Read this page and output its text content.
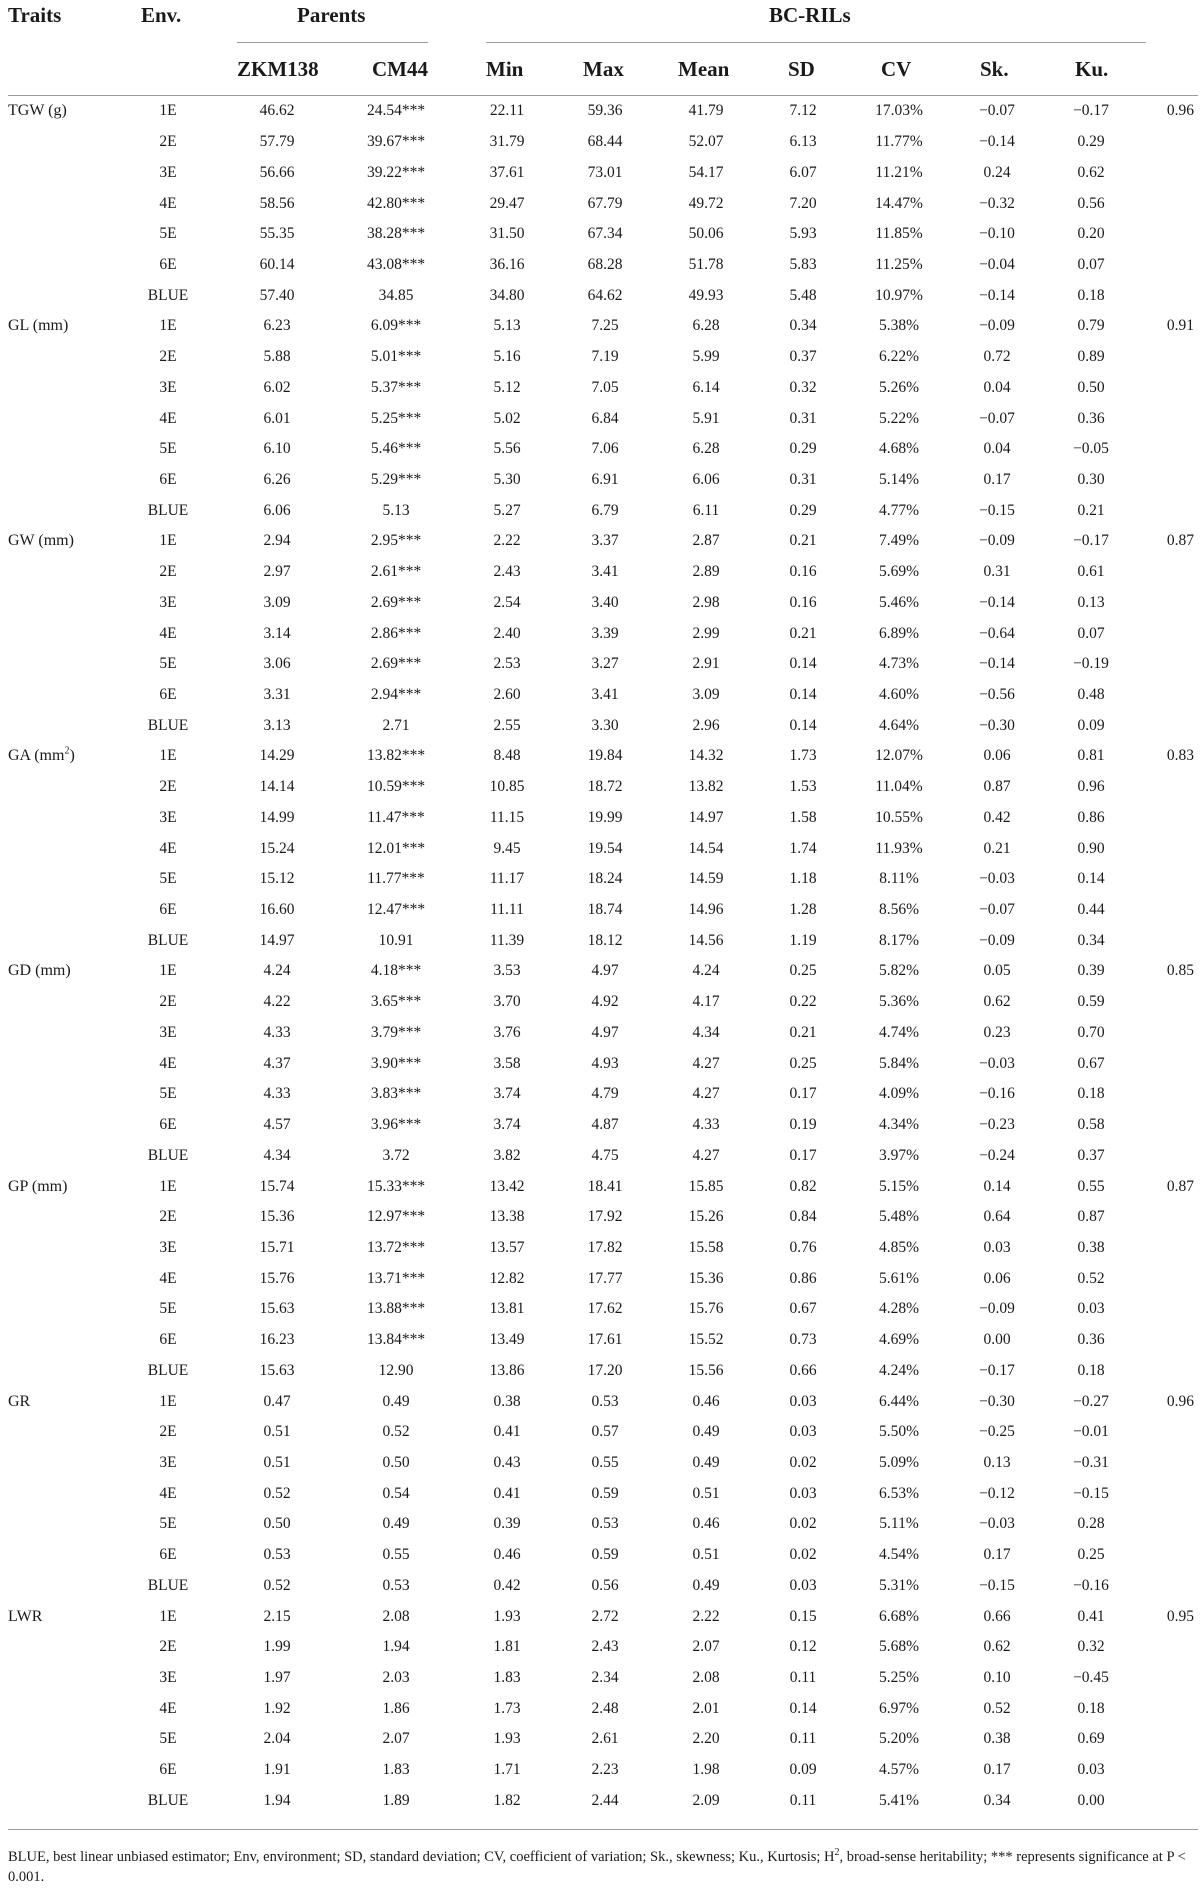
Traits	Env.	Parents	BC-RILs
ZKM138	CM44	Min	Max	Mean	SD	CV	Sk.	Ku.
TGW (g)	1E	46.62	24.54***	22.11	59.36	41.79	7.12	17.03%	−0.07	−0.17	0.96
	2E	57.79	39.67***	31.79	68.44	52.07	6.13	11.77%	−0.14	0.29	
	3E	56.66	39.22***	37.61	73.01	54.17	6.07	11.21%	0.24	0.62	
	4E	58.56	42.80***	29.47	67.79	49.72	7.20	14.47%	−0.32	0.56	
	5E	55.35	38.28***	31.50	67.34	50.06	5.93	11.85%	−0.10	0.20	
	6E	60.14	43.08***	36.16	68.28	51.78	5.83	11.25%	−0.04	0.07	
	BLUE	57.40	34.85	34.80	64.62	49.93	5.48	10.97%	−0.14	0.18	
GL (mm)	1E	6.23	6.09***	5.13	7.25	6.28	0.34	5.38%	−0.09	0.79	0.91
	2E	5.88	5.01***	5.16	7.19	5.99	0.37	6.22%	0.72	0.89	
	3E	6.02	5.37***	5.12	7.05	6.14	0.32	5.26%	0.04	0.50	
	4E	6.01	5.25***	5.02	6.84	5.91	0.31	5.22%	−0.07	0.36	
	5E	6.10	5.46***	5.56	7.06	6.28	0.29	4.68%	0.04	−0.05	
	6E	6.26	5.29***	5.30	6.91	6.06	0.31	5.14%	0.17	0.30	
	BLUE	6.06	5.13	5.27	6.79	6.11	0.29	4.77%	−0.15	0.21	
GW (mm)	1E	2.94	2.95***	2.22	3.37	2.87	0.21	7.49%	−0.09	−0.17	0.87
	2E	2.97	2.61***	2.43	3.41	2.89	0.16	5.69%	0.31	0.61	
	3E	3.09	2.69***	2.54	3.40	2.98	0.16	5.46%	−0.14	0.13	
	4E	3.14	2.86***	2.40	3.39	2.99	0.21	6.89%	−0.64	0.07	
	5E	3.06	2.69***	2.53	3.27	2.91	0.14	4.73%	−0.14	−0.19	
	6E	3.31	2.94***	2.60	3.41	3.09	0.14	4.60%	−0.56	0.48	
	BLUE	3.13	2.71	2.55	3.30	2.96	0.14	4.64%	−0.30	0.09	
GA $(mm^2)$	1E	14.29	13.82***	8.48	19.84	14.32	1.73	12.07%	0.06	0.81	0.83
	2E	14.14	10.59***	10.85	18.72	13.82	1.53	11.04%	0.87	0.96	
	3E	14.99	11.47***	11.15	19.99	14.97	1.58	10.55%	0.42	0.86	
	4E	15.24	12.01***	9.45	19.54	14.54	1.74	11.93%	0.21	0.90	
	5E	15.12	11.77***	11.17	18.24	14.59	1.18	8.11%	−0.03	0.14	
	6E	16.60	12.47***	11.11	18.74	14.96	1.28	8.56%	−0.07	0.44	
	BLUE	14.97	10.91	11.39	18.12	14.56	1.19	8.17%	−0.09	0.34	
GD (mm)	1E	4.24	4.18***	3.53	4.97	4.24	0.25	5.82%	0.05	0.39	0.85
	2E	4.22	3.65***	3.70	4.92	4.17	0.22	5.36%	0.62	0.59	
	3E	4.33	3.79***	3.76	4.97	4.34	0.21	4.74%	0.23	0.70	
	4E	4.37	3.90***	3.58	4.93	4.27	0.25	5.84%	−0.03	0.67	
	5E	4.33	3.83***	3.74	4.79	4.27	0.17	4.09%	−0.16	0.18	
	6E	4.57	3.96***	3.74	4.87	4.33	0.19	4.34%	−0.23	0.58	
	BLUE	4.34	3.72	3.82	4.75	4.27	0.17	3.97%	−0.24	0.37	
GP (mm)	1E	15.74	15.33***	13.42	18.41	15.85	0.82	5.15%	0.14	0.55	0.87
	2E	15.36	12.97***	13.38	17.92	15.26	0.84	5.48%	0.64	0.87	
	3E	15.71	13.72***	13.57	17.82	15.58	0.76	4.85%	0.03	0.38	
	4E	15.76	13.71***	12.82	17.77	15.36	0.86	5.61%	0.06	0.52	
	5E	15.63	13.88***	13.81	17.62	15.76	0.67	4.28%	−0.09	0.03	
	6E	16.23	13.84***	13.49	17.61	15.52	0.73	4.69%	0.00	0.36	
	BLUE	15.63	12.90	13.86	17.20	15.56	0.66	4.24%	−0.17	0.18	
GR	1E	0.47	0.49	0.38	0.53	0.46	0.03	6.44%	−0.30	−0.27	0.96
	2E	0.51	0.52	0.41	0.57	0.49	0.03	5.50%	−0.25	−0.01	
	3E	0.51	0.50	0.43	0.55	0.49	0.02	5.09%	0.13	−0.31	
	4E	0.52	0.54	0.41	0.59	0.51	0.03	6.53%	−0.12	−0.15	
	5E	0.50	0.49	0.39	0.53	0.46	0.02	5.11%	−0.03	0.28	
	6E	0.53	0.55	0.46	0.59	0.51	0.02	4.54%	0.17	0.25	
	BLUE	0.52	0.53	0.42	0.56	0.49	0.03	5.31%	−0.15	−0.16	
LWR	1E	2.15	2.08	1.93	2.72	2.22	0.15	6.68%	0.66	0.41	0.95
	2E	1.99	1.94	1.81	2.43	2.07	0.12	5.68%	0.62	0.32	
	3E	1.97	2.03	1.83	2.34	2.08	0.11	5.25%	0.10	−0.45	
	4E	1.92	1.86	1.73	2.48	2.01	0.14	6.97%	0.52	0.18	
	5E	2.04	2.07	1.93	2.61	2.20	0.11	5.20%	0.38	0.69	
	6E	1.91	1.83	1.71	2.23	1.98	0.09	4.57%	0.17	0.03	
	BLUE	1.94	1.89	1.82	2.44	2.09	0.11	5.41%	0.34	0.00	
BLUE, best linear unbiased estimator; Env, environment; SD, standard deviation; CV, coefficient of variation; Sk., skewness; Ku., Kurtosis; $H^2$, broad-sense heritability; *** represents significance at P < 0.001.
